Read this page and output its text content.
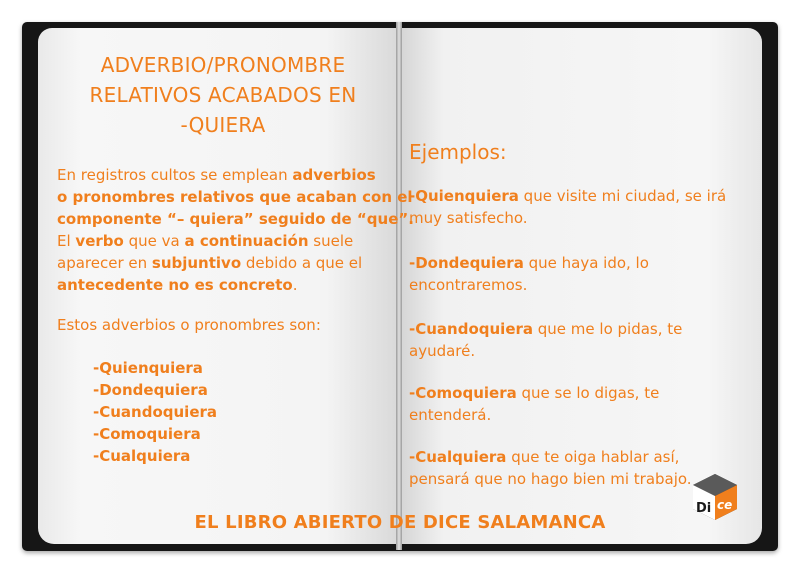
ADVERBIO/PRONOMBRE
RELATIVOS ACABADOS EN
-QUIERA

En registros cultos se emplean adverbios

o pronombres relativos que acaban con el

componente “– quiera” seguido de “que”.

El verbo que va a continuación suele

aparecer en subjuntivo debido a que el

antecedente no es concreto.

Estos adverbios o pronombres son:
-Quienquiera
-Dondequiera
-Cuandoquiera
-Comoquiera
-Cualquiera
Ejemplos:
-Quienquiera que visite mi ciudad, se irá
muy satisfecho.
-Dondequiera que haya ido, lo
encontraremos.
-Cuandoquiera que me lo pidas, te
ayudaré.
-Comoquiera que se lo digas, te
entenderá.
-Cualquiera que te oiga hablar así,
pensará que no hago bien mi trabajo.
EL LIBRO ABIERTO DE DICE SALAMANCA
Di ce
